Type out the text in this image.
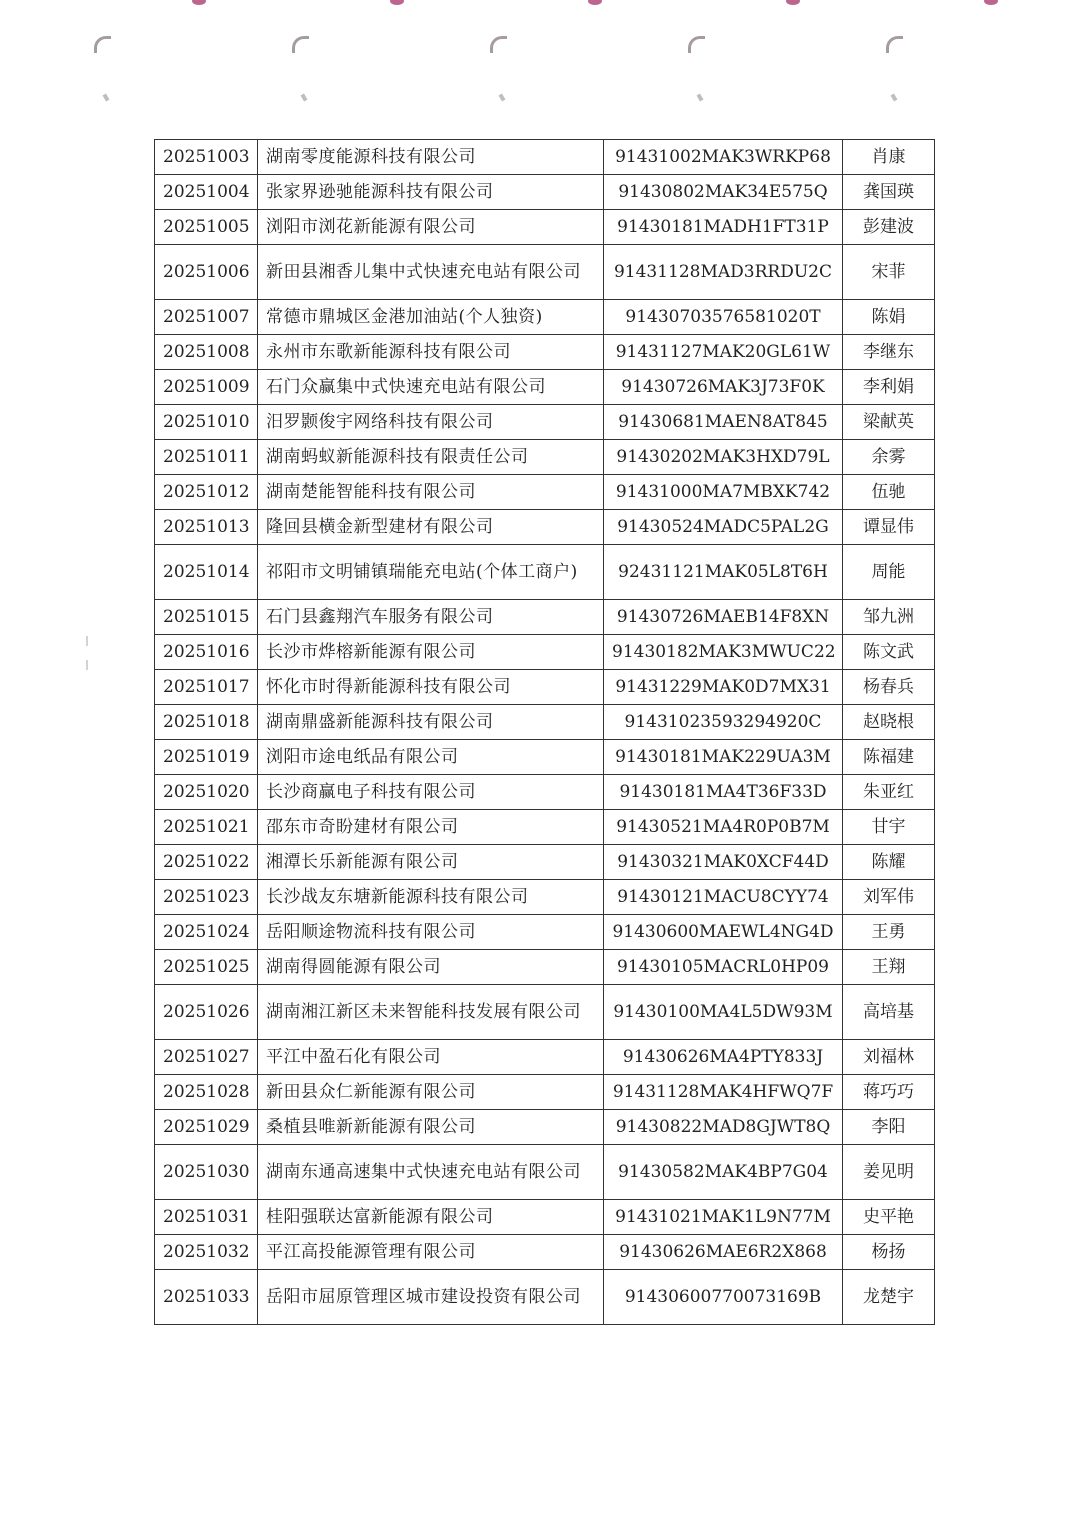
20251003	湖南零度能源科技有限公司	91431002MAK3WRKP68	肖康
20251004	张家界逊驰能源科技有限公司	91430802MAK34E575Q	龚国瑛
20251005	浏阳市浏花新能源有限公司	91430181MADH1FT31P	彭建波
20251006	新田县湘香儿集中式快速充电站有限公司	91431128MAD3RRDU2C	宋菲
20251007	常德市鼎城区金港加油站(个人独资)	91430703576581020T	陈娟
20251008	永州市东歌新能源科技有限公司	91431127MAK20GL61W	李继东
20251009	石门众赢集中式快速充电站有限公司	91430726MAK3J73F0K	李利娟
20251010	汨罗颢俊宇网络科技有限公司	91430681MAEN8AT845	梁献英
20251011	湖南蚂蚁新能源科技有限责任公司	91430202MAK3HXD79L	余雾
20251012	湖南楚能智能科技有限公司	91431000MA7MBXK742	伍驰
20251013	隆回县横金新型建材有限公司	91430524MADC5PAL2G	谭显伟
20251014	祁阳市文明铺镇瑞能充电站(个体工商户)	92431121MAK05L8T6H	周能
20251015	石门县鑫翔汽车服务有限公司	91430726MAEB14F8XN	邹九洲
20251016	长沙市烨榕新能源有限公司	91430182MAK3MWUC22	陈文武
20251017	怀化市时得新能源科技有限公司	91431229MAK0D7MX31	杨春兵
20251018	湖南鼎盛新能源科技有限公司	91431023593294920C	赵晓根
20251019	浏阳市途电纸品有限公司	91430181MAK229UA3M	陈福建
20251020	长沙商赢电子科技有限公司	91430181MA4T36F33D	朱亚红
20251021	邵东市奇盼建材有限公司	91430521MA4R0P0B7M	甘宇
20251022	湘潭长乐新能源有限公司	91430321MAK0XCF44D	陈耀
20251023	长沙战友东塘新能源科技有限公司	91430121MACU8CYY74	刘军伟
20251024	岳阳顺途物流科技有限公司	91430600MAEWL4NG4D	王勇
20251025	湖南得圆能源有限公司	91430105MACRL0HP09	王翔
20251026	湖南湘江新区未来智能科技发展有限公司	91430100MA4L5DW93M	高培基
20251027	平江中盈石化有限公司	91430626MA4PTY833J	刘福林
20251028	新田县众仁新能源有限公司	91431128MAK4HFWQ7F	蒋巧巧
20251029	桑植县唯新新能源有限公司	91430822MAD8GJWT8Q	李阳
20251030	湖南东通高速集中式快速充电站有限公司	91430582MAK4BP7G04	姜见明
20251031	桂阳强联达富新能源有限公司	91431021MAK1L9N77M	史平艳
20251032	平江高投能源管理有限公司	91430626MAE6R2X868	杨扬
20251033	岳阳市屈原管理区城市建设投资有限公司	91430600770073169B	龙楚宇
